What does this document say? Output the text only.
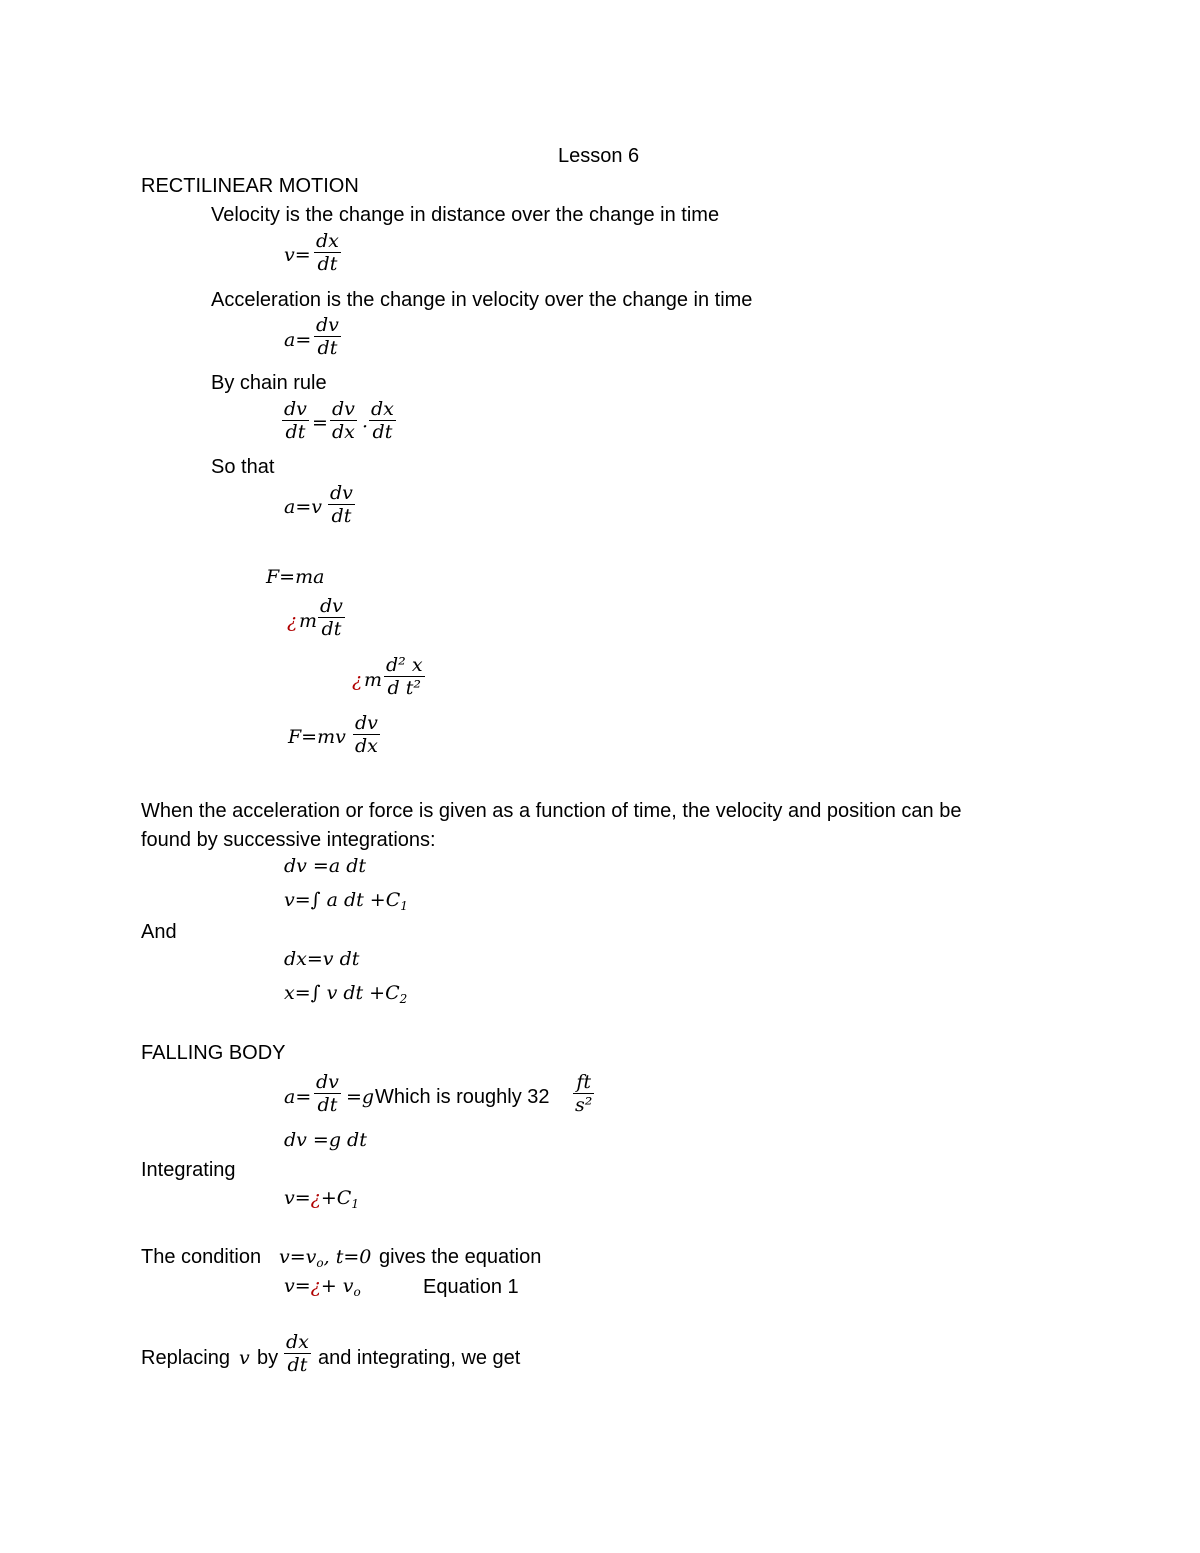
Lesson 6
RECTILINEAR MOTION
Velocity is the change in distance over the change in time
v=
dx
dt
Acceleration is the change in velocity over the change in time
a=
dv
dt
By chain rule
dv
dt =
dv
dx ·
dx
dt
So that
a=v
dv
dt
F=ma
¿ m
dv
dt
¿ m
d² x
d t²
F=mv
dv
dx
When the acceleration or force is given as a function of time, the velocity and position can be
found by successive integrations:
dv =a dt
v=∫ a dt $+C_1$
And
dx=v dt
x=∫ v dt $+C_2$
FALLING BODY
a=
dv
dt =g Which is roughly 32
ft
s²
dv =g dt
Integrating
$v=¿+C_1$
The condition $v=v_o$, t=0 gives the equation
v=¿+ $v_o$	Equation 1
Replacing v by
dx
dt and integrating, we get
